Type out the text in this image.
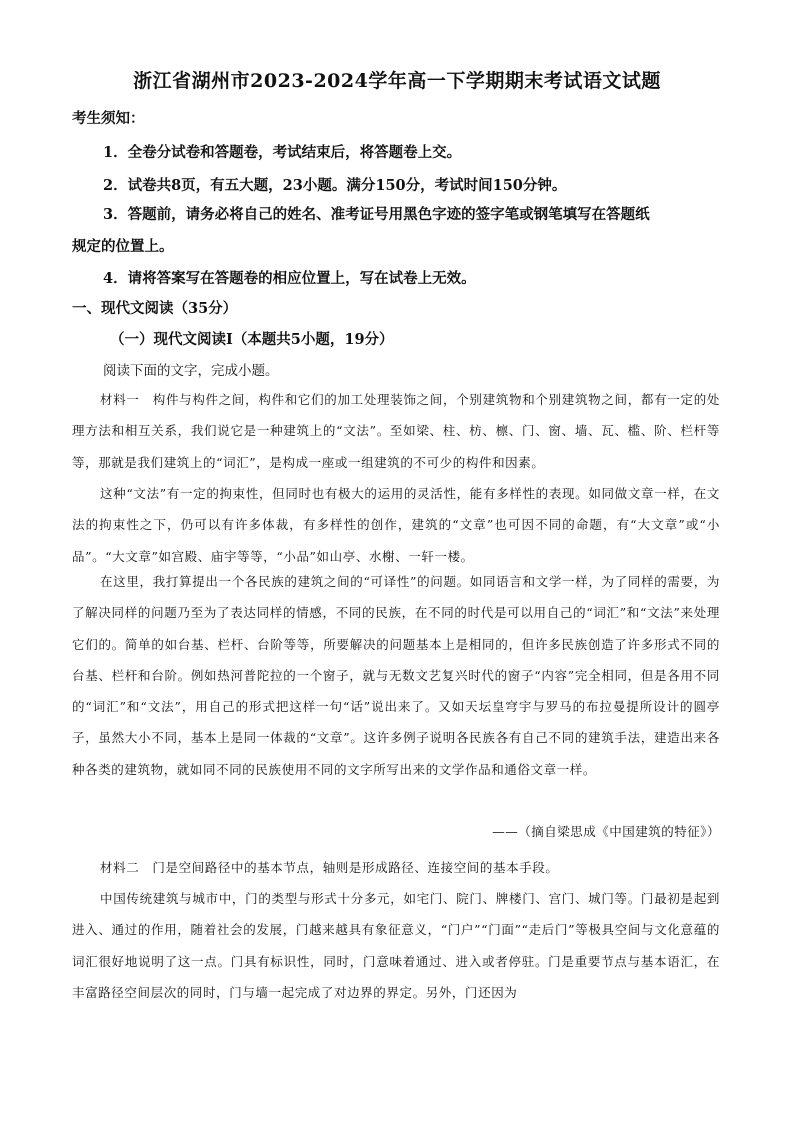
浙江省湖州市2023-2024学年高一下学期期末考试语文试题
考生须知：
1．全卷分试卷和答题卷，考试结束后，将答题卷上交。
2．试卷共8页，有五大题，23小题。满分150分，考试时间150分钟。
3．答题前，请务必将自己的姓名、准考证号用黑色字迹的签字笔或钢笔填写在答题纸
规定的位置上。
4．请将答案写在答题卷的相应位置上，写在试卷上无效。
一、现代文阅读（35分）
（一）现代文阅读Ⅰ（本题共5小题，19分）
阅读下面的文字，完成小题。

材料一　构件与构件之间，构件和它们的加工处理装饰之间，个别建筑物和个别建筑物之间，都有一定的处理方法和相互关系，我们说它是一种建筑上的“文法”。至如梁、柱、枋、檩、门、窗、墙、瓦、槛、阶、栏杆等等，那就是我们建筑上的“词汇”，是构成一座或一组建筑的不可少的构件和因素。

这种“文法”有一定的拘束性，但同时也有极大的运用的灵活性，能有多样性的表现。如同做文章一样，在文法的拘束性之下，仍可以有许多体裁，有多样性的创作，建筑的“文章”也可因不同的命题，有“大文章”或“小品”。“大文章”如宫殿、庙宇等等，“小品”如山亭、水榭、一轩一楼。

在这里，我打算提出一个各民族的建筑之间的“可译性”的问题。如同语言和文学一样，为了同样的需要，为了解决同样的问题乃至为了表达同样的情感，不同的民族，在不同的时代是可以用自己的“词汇”和“文法”来处理它们的。简单的如台基、栏杆、台阶等等，所要解决的问题基本上是相同的，但许多民族创造了许多形式不同的台基、栏杆和台阶。例如热河普陀拉的一个窗子，就与无数文艺复兴时代的窗子“内容”完全相同，但是各用不同的“词汇”和“文法”，用自己的形式把这样一句“话”说出来了。又如天坛皇穹宇与罗马的布拉曼提所设计的圆亭子，虽然大小不同，基本上是同一体裁的“文章”。这许多例子说明各民族各有自己不同的建筑手法，建造出来各种各类的建筑物，就如同不同的民族使用不同的文字所写出来的文学作品和通俗文章一样。

——（摘自梁思成《中国建筑的特征》）

材料二　门是空间路径中的基本节点，轴则是形成路径、连接空间的基本手段。

中国传统建筑与城市中，门的类型与形式十分多元，如宅门、院门、牌楼门、宫门、城门等。门最初是起到进入、通过的作用，随着社会的发展，门越来越具有象征意义，“门户”“门面”“走后门”等极具空间与文化意蕴的词汇很好地说明了这一点。门具有标识性，同时，门意味着通过、进入或者停驻。门是重要节点与基本语汇，在丰富路径空间层次的同时，门与墙一起完成了对边界的界定。另外，门还因为
